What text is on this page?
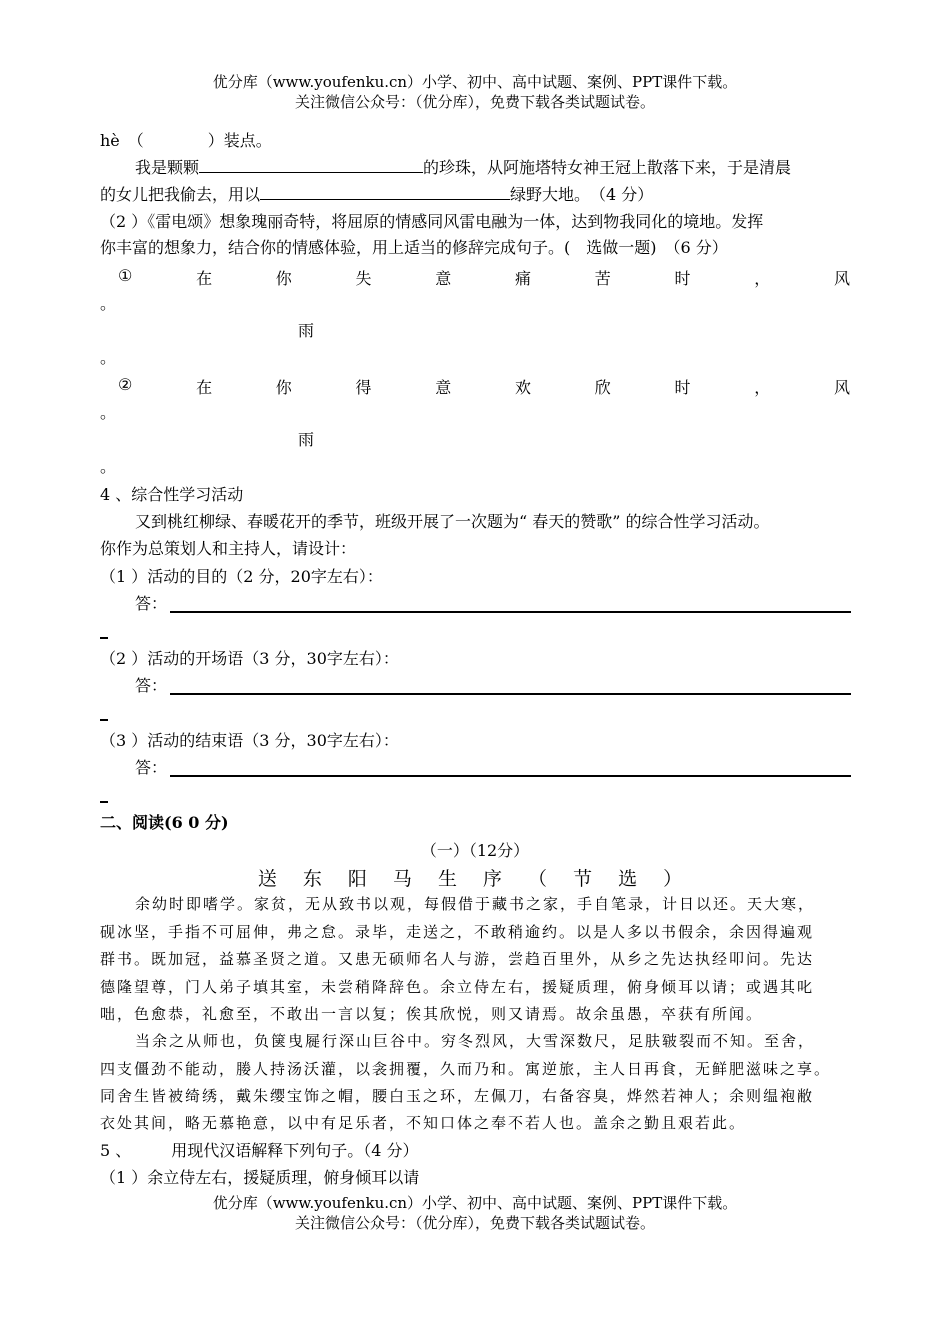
优分库（www.youfenku.cn）小学、初中、高中试题、案例、PPT课件下载。
关注微信公众号：（优分库），免费下载各类试题试卷。
hè　（　　　　）装点。
我是颗颗	的珍珠，从阿施塔特女神王冠上散落下来，于是清晨
的女儿把我偷去，用以	绿野大地。　（4 分）
（2 ）《雷电颂》想象瑰丽奇特，将屈原的情感同风雷电融为一体，达到物我同化的境地。发挥
你丰富的想象力，结合你的情感体验，用上适当的修辞完成句子。(　选做一题)　（6 分）
①	在	你	失	意	痛	苦	时	，	风
。
雨
。
②	在	你	得	意	欢	欣	时	，	风
。
雨
。
4 、综合性学习活动
又到桃红柳绿、春暖花开的季节，班级开展了一次题为“ 春天的赞歌” 的综合性学习活动。
你作为总策划人和主持人，请设计：
（1 ）活动的目的（2 分，20字左右）：
答：
（2 ）活动的开场语（3 分，30字左右）：
答：
（3 ）活动的结束语（3 分，30字左右）：
答：
二、阅读(6 0 分)
（一）（12分）
送 东 阳 马 生 序 （ 节 选 ）
余幼时即嗜学。家贫，无从致书以观，每假借于藏书之家，手自笔录，计日以还。天大寒，
砚冰坚，手指不可屈伸，弗之怠。录毕，走送之，不敢稍逾约。以是人多以书假余，余因得遍观
群书。既加冠，益慕圣贤之道。又患无硕师名人与游，尝趋百里外，从乡之先达执经叩问。先达
德隆望尊，门人弟子填其室，未尝稍降辞色。余立侍左右，援疑质理，俯身倾耳以请；或遇其叱
咄，色愈恭，礼愈至，不敢出一言以复；俟其欣悦，则又请焉。故余虽愚，卒获有所闻。
当余之从师也，负箧曳屣行深山巨谷中。穷冬烈风，大雪深数尺，足肤皲裂而不知。至舍，
四支僵劲不能动，媵人持汤沃灌，以衾拥覆，久而乃和。寓逆旅，主人日再食，无鲜肥滋味之享。
同舍生皆被绮绣，戴朱缨宝饰之帽，腰白玉之环，左佩刀，右备容臭，烨然若神人；余则缊袍敝
衣处其间，略无慕艳意，以中有足乐者，不知口体之奉不若人也。盖余之勤且艰若此。
5 、　　　用现代汉语解释下列句子。（4 分）
（1 ）余立侍左右，援疑质理，俯身倾耳以请
优分库（www.youfenku.cn）小学、初中、高中试题、案例、PPT课件下载。
关注微信公众号：（优分库），免费下载各类试题试卷。
